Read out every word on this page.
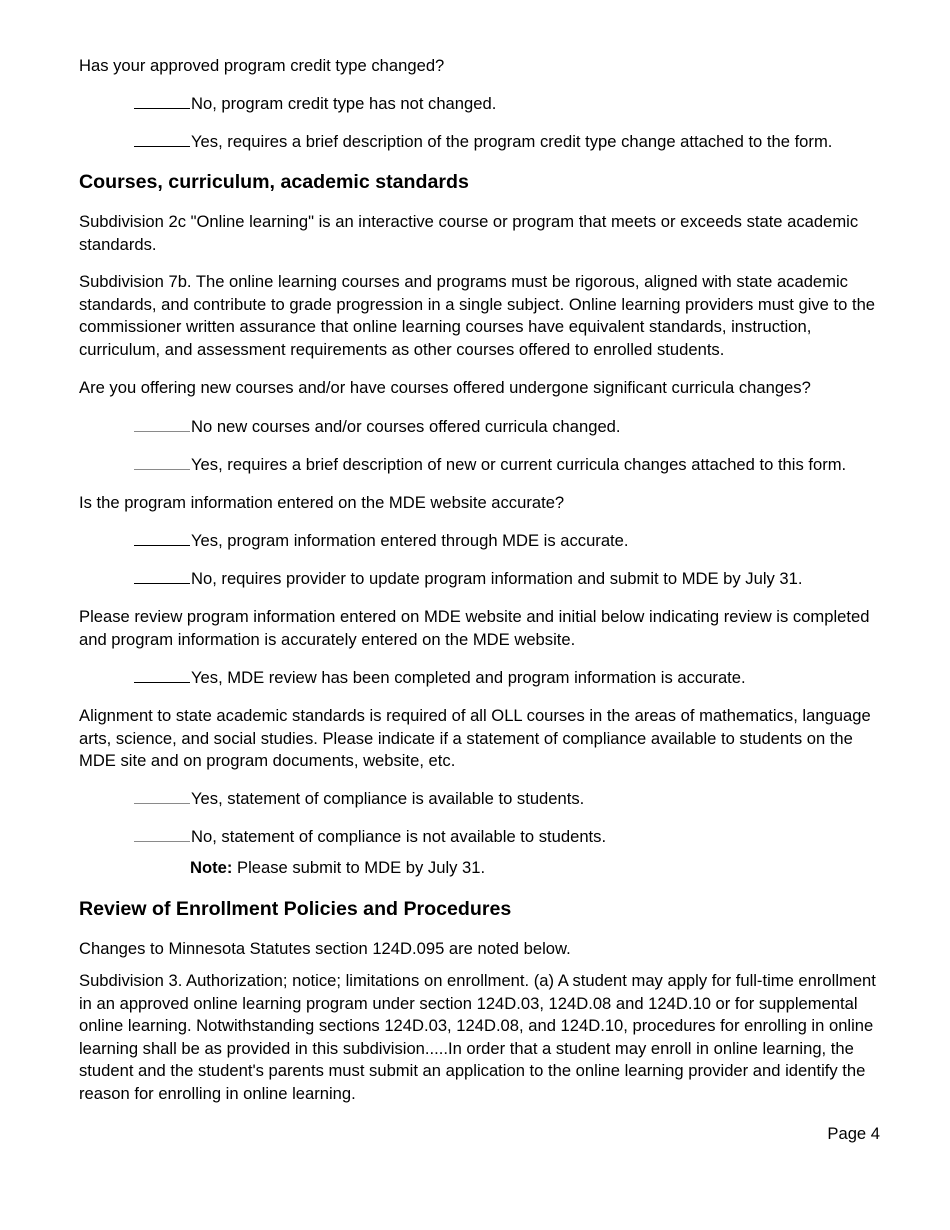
Has your approved program credit type changed?
No, program credit type has not changed.
Yes, requires a brief description of the program credit type change attached to the form.
Courses, curriculum, academic standards

Subdivision 2c "Online learning" is an interactive course or program that meets or exceeds state academic standards.

Subdivision 7b. The online learning courses and programs must be rigorous, aligned with state academic standards, and contribute to grade progression in a single subject. Online learning providers must give to the commissioner written assurance that online learning courses have equivalent standards, instruction, curriculum, and assessment requirements as other courses offered to enrolled students.

Are you offering new courses and/or have courses offered undergone significant curricula changes?
No new courses and/or courses offered curricula changed.
Yes, requires a brief description of new or current curricula changes attached to this form.
Is the program information entered on the MDE website accurate?
Yes, program information entered through MDE is accurate.
No, requires provider to update program information and submit to MDE by July 31.

Please review program information entered on MDE website and initial below indicating review is completed and program information is accurately entered on the MDE website.

Yes, MDE review has been completed and program information is accurate.

Alignment to state academic standards is required of all OLL courses in the areas of mathematics, language arts, science, and social studies. Please indicate if a statement of compliance available to students on the MDE site and on program documents, website, etc.

Yes, statement of compliance is available to students.
No, statement of compliance is not available to students.
Note: Please submit to MDE by July 31.
Review of Enrollment Policies and Procedures
Changes to Minnesota Statutes section 124D.095 are noted below.

Subdivision 3. Authorization; notice; limitations on enrollment. (a) A student may apply for full-time enrollment in an approved online learning program under section 124D.03, 124D.08 and 124D.10 or for supplemental online learning. Notwithstanding sections 124D.03, 124D.08, and 124D.10, procedures for enrolling in online learning shall be as provided in this subdivision.....In order that a student may enroll in online learning, the student and the student's parents must submit an application to the online learning provider and identify the reason for enrolling in online learning.

Page 4
